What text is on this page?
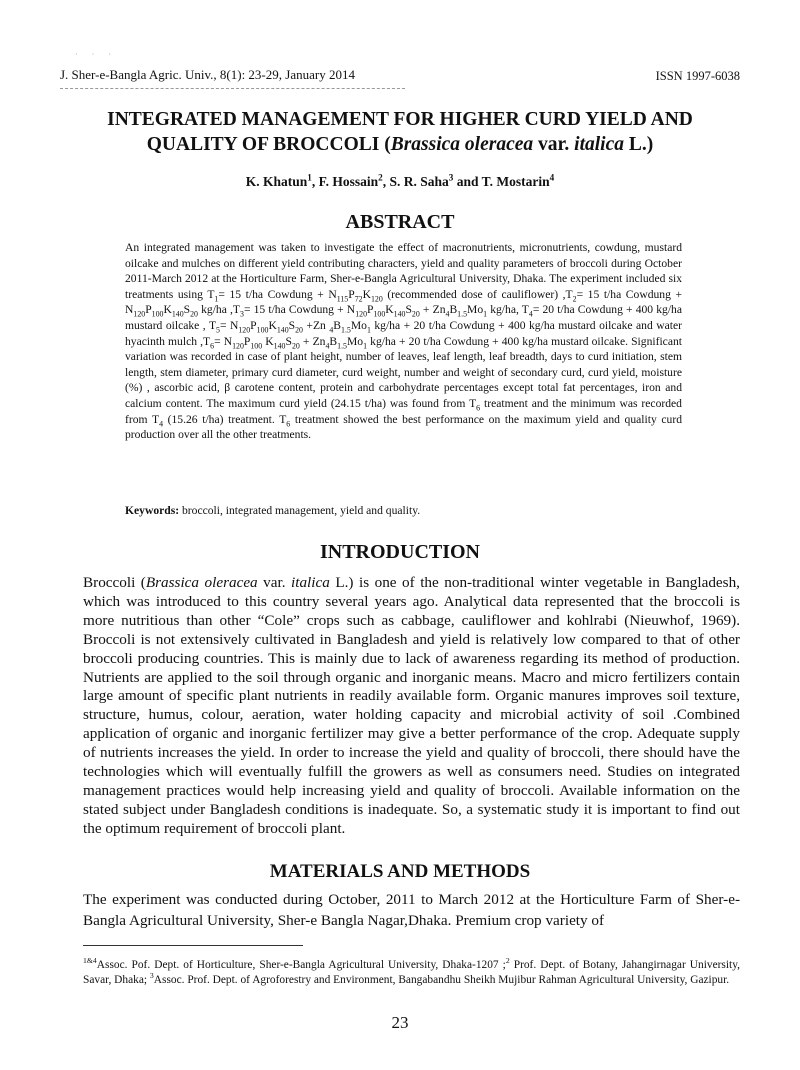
· · ·
J. Sher-e-Bangla Agric. Univ., 8(1): 23-29, January 2014	ISSN 1997-6038
INTEGRATED MANAGEMENT FOR HIGHER CURD YIELD AND
QUALITY OF BROCCOLI (Brassica oleracea var. italica L.)
K. Khatun$^1$, F. Hossain$^2$, S. R. Saha$^3$ and T. Mostarin$^4$
ABSTRACT
An integrated management was taken to investigate the effect of macronutrients, micronutrients, cowdung, mustard oilcake and mulches on different yield contributing characters, yield and quality parameters of broccoli during October 2011-March 2012 at the Horticulture Farm, Sher-e-Bangla Agricultural University, Dhaka. The experiment included six treatments using $T_1= 15$ t/ha Cowdung + $N_{115}P_{72}K_{120}$ (recommended dose of cauliflower) $,T_2= 15$ t/ha Cowdung + $N_{120}P_{100}K_{140}S_{20}$ kg/ha $,T_3= 15$ t/ha Cowdung + $N_{120}P_{100}K_{140}S_{20} + Zn_4B_{1.5}Mo_1$ kg/ha, $T_4= 20$ t/ha Cowdung + 400 kg/ha mustard oilcake , $T_5= N_{120}P_{100}K_{140}S_{20} +Zn$ $_4B_{1.5}Mo_1$ kg/ha + 20 t/ha Cowdung + 400 kg/ha mustard oilcake and water hyacinth mulch $,T_6= N_{120}P_{100}$ $K_{140}S_{20} + Zn_4B_{1.5}Mo_1$ kg/ha + 20 t/ha Cowdung + 400 kg/ha mustard oilcake. Significant variation was recorded in case of plant height, number of leaves, leaf length, leaf breadth, days to curd initiation, stem length, stem diameter, primary curd diameter, curd weight, number and weight of secondary curd, curd yield, moisture (%) , ascorbic acid, β carotene content, protein and carbohydrate percentages except total fat percentages, iron and calcium content. The maximum curd yield (24.15 t/ha) was found from $T_6$ treatment and the minimum was recorded from $T_4$ (15.26 t/ha) treatment. $T_6$ treatment showed the best performance on the maximum yield and quality curd production over all the other treatments.
Keywords: broccoli, integrated management, yield and quality.
INTRODUCTION
Broccoli (Brassica oleracea var. italica L.) is one of the non-traditional winter vegetable in Bangladesh, which was introduced to this country several years ago. Analytical data represented that the broccoli is more nutritious than other “Cole” crops such as cabbage, cauliflower and kohlrabi (Nieuwhof, 1969). Broccoli is not extensively cultivated in Bangladesh and yield is relatively low compared to that of other broccoli producing countries. This is mainly due to lack of awareness regarding its method of production. Nutrients are applied to the soil through organic and inorganic means. Macro and micro fertilizers contain large amount of specific plant nutrients in readily available form. Organic manures improves soil texture, structure, humus, colour, aeration, water holding capacity and microbial activity of soil .Combined application of organic and inorganic fertilizer may give a better performance of the crop. Adequate supply of nutrients increases the yield. In order to increase the yield and quality of broccoli, there should have the technologies which will eventually fulfill the growers as well as consumers need. Studies on integrated management practices would help increasing yield and quality of broccoli. Available information on the stated subject under Bangladesh conditions is inadequate. So, a systematic study it is important to find out the optimum requirement of broccoli plant.
MATERIALS AND METHODS
The experiment was conducted during October, 2011 to March 2012 at the Horticulture Farm of Sher-e-Bangla Agricultural University, Sher-e Bangla Nagar,Dhaka. Premium crop variety of
$^{1\&4}$Assoc. Pof. Dept. of Horticulture, Sher-e-Bangla Agricultural University, Dhaka-1207 ;$^2$ Prof. Dept. of Botany, Jahangirnagar University, Savar, Dhaka; $^3$Assoc. Prof. Dept. of Agroforestry and Environment, Bangabandhu Sheikh Mujibur Rahman Agricultural University, Gazipur.
23
